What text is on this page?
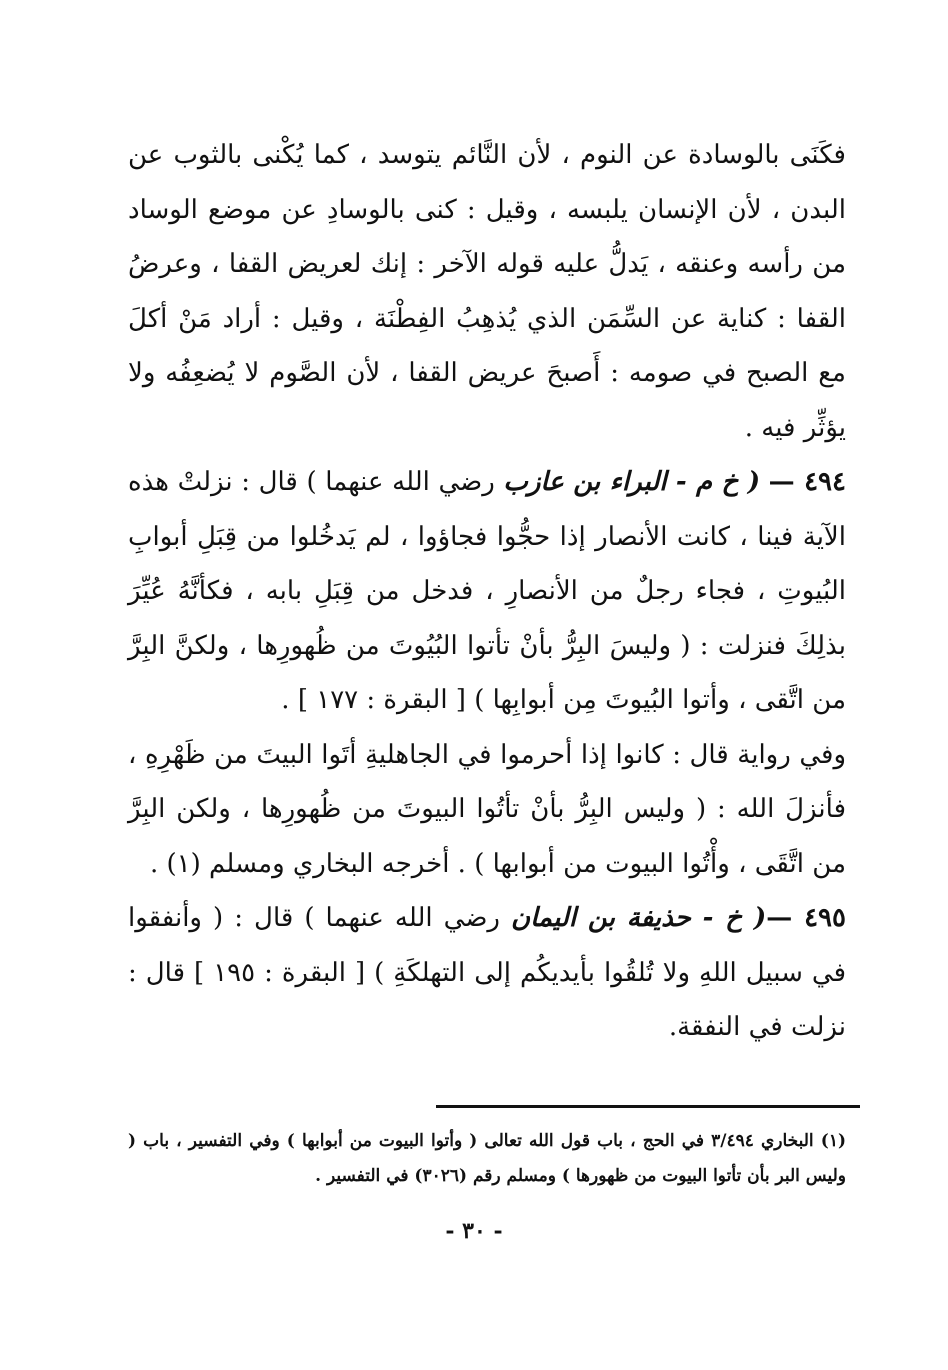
فكَنَى بالوسادة عن النوم ، لأن النَّائم يتوسد ، كما يُكْنى بالثوب عن البدن ، لأن الإنسان يلبسه ، وقيل : كنى بالوسادِ عن موضع الوساد من رأسه وعنقه ، يَدلُّ عليه قوله الآخر : إنك لعريض القفا ، وعرضُ القفا : كناية عن السِّمَن الذي يُذهِبُ الفِطْنَة ، وقيل : أراد مَنْ أكلَ مع الصبح في صومه : أَصبحَ عريض القفا ، لأن الصَّوم لا يُضعِفُه ولا يؤثِّر فيه .

٤٩٤ — ( خ م - البراء بن عازب رضي الله عنهما ) قال : نزلتْ هذه الآية فينا ، كانت الأنصار إذا حجُّوا فجاؤوا ، لم يَدخُلوا من قِبَلِ أبوابِ البُيوتِ ، فجاء رجلٌ من الأنصارِ ، فدخل من قِبَلِ بابه ، فكأنَّهُ عُيِّرَ بذلِكَ فنزلت : ( وليسَ البِرُّ بأنْ تأتوا البُيُوتَ من ظُهورِها ، ولكنَّ البِرَّ من اتَّقى ، وأتوا البُيوتَ مِن أبوابِها ) [ البقرة : ١٧٧ ] .

وفي رواية قال : كانوا إذا أحرموا في الجاهليةِ أتَوا البيتَ من ظَهْرِهِ ، فأنزلَ الله : ( وليس البِرُّ بأنْ تأتُوا البيوتَ من ظُهورِها ، ولكن البِرَّ من اتَّقَى ، وأْتُوا البيوت من أبوابها ) . أخرجه البخاري ومسلم (١) .

٤٩٥ —( خ - حذيفة بن اليمان رضي الله عنهما ) قال : ( وأنفقوا في سبيل اللهِ ولا تُلقُوا بأيديكُم إلى التهلكَةِ ) [ البقرة : ١٩٥ ] قال : نزلت في النفقة.

(١) البخاري ٣/٤٩٤ في الحج ، باب قول الله تعالى ( وأتوا البيوت من أبوابها ) وفي التفسير ، باب ( وليس البر بأن تأتوا البيوت من ظهورها ) ومسلم رقم (٣٠٢٦) في التفسير .

- ٣٠ -
